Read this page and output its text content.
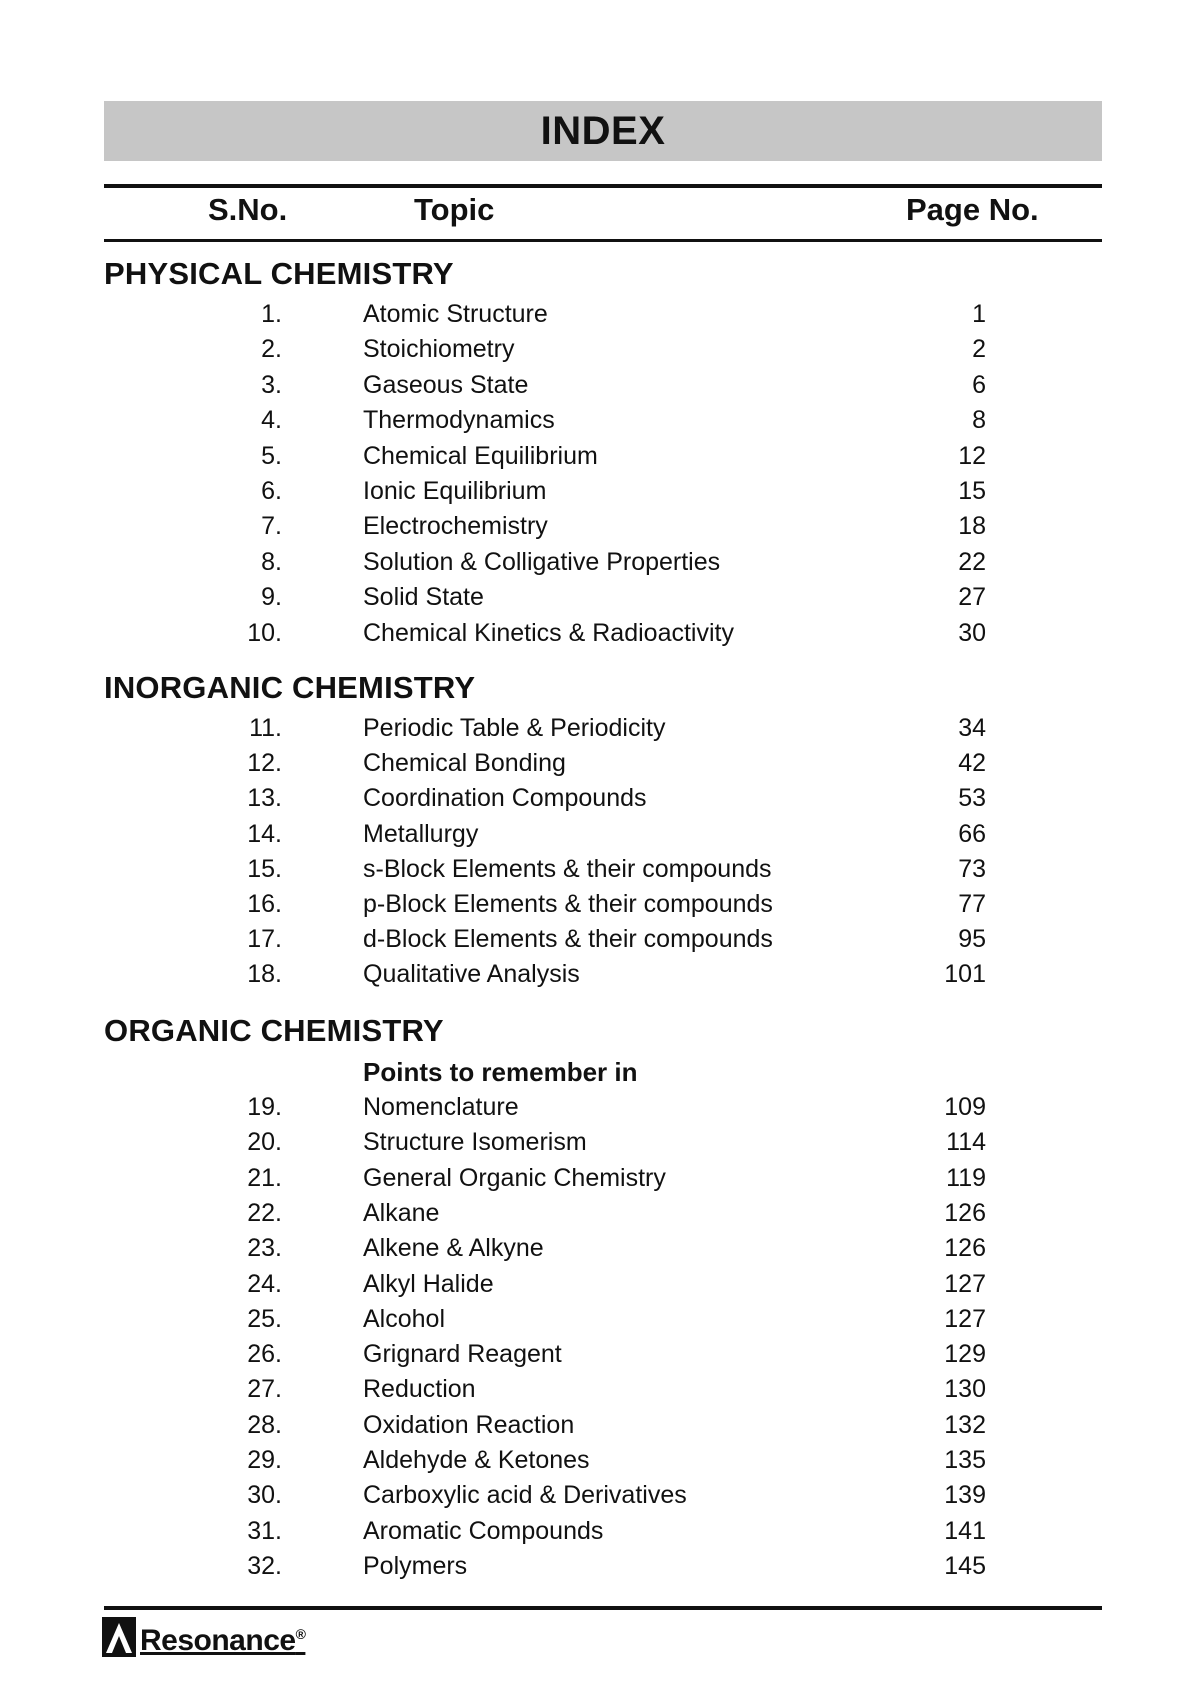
INDEX
S.No.	Topic	Page No.
PHYSICAL CHEMISTRY
1.	Atomic Structure	1
2.	Stoichiometry	2
3.	Gaseous State	6
4.	Thermodynamics	8
5.	Chemical Equilibrium	12
6.	Ionic Equilibrium	15
7.	Electrochemistry	18
8.	Solution & Colligative Properties	22
9.	Solid State	27
10.	Chemical Kinetics & Radioactivity	30
INORGANIC CHEMISTRY
11.	Periodic Table & Periodicity	34
12.	Chemical Bonding	42
13.	Coordination Compounds	53
14.	Metallurgy	66
15.	s-Block Elements & their compounds	73
16.	p-Block Elements & their compounds	77
17.	d-Block Elements & their compounds	95
18.	Qualitative Analysis	101
ORGANIC CHEMISTRY
Points to remember in
19.	Nomenclature	109
20.	Structure Isomerism	114
21.	General Organic Chemistry	119
22.	Alkane	126
23.	Alkene & Alkyne	126
24.	Alkyl Halide	127
25.	Alcohol	127
26.	Grignard Reagent	129
27.	Reduction	130
28.	Oxidation Reaction	132
29.	Aldehyde & Ketones	135
30.	Carboxylic acid & Derivatives	139
31.	Aromatic Compounds	141
32.	Polymers	145
Resonance®
